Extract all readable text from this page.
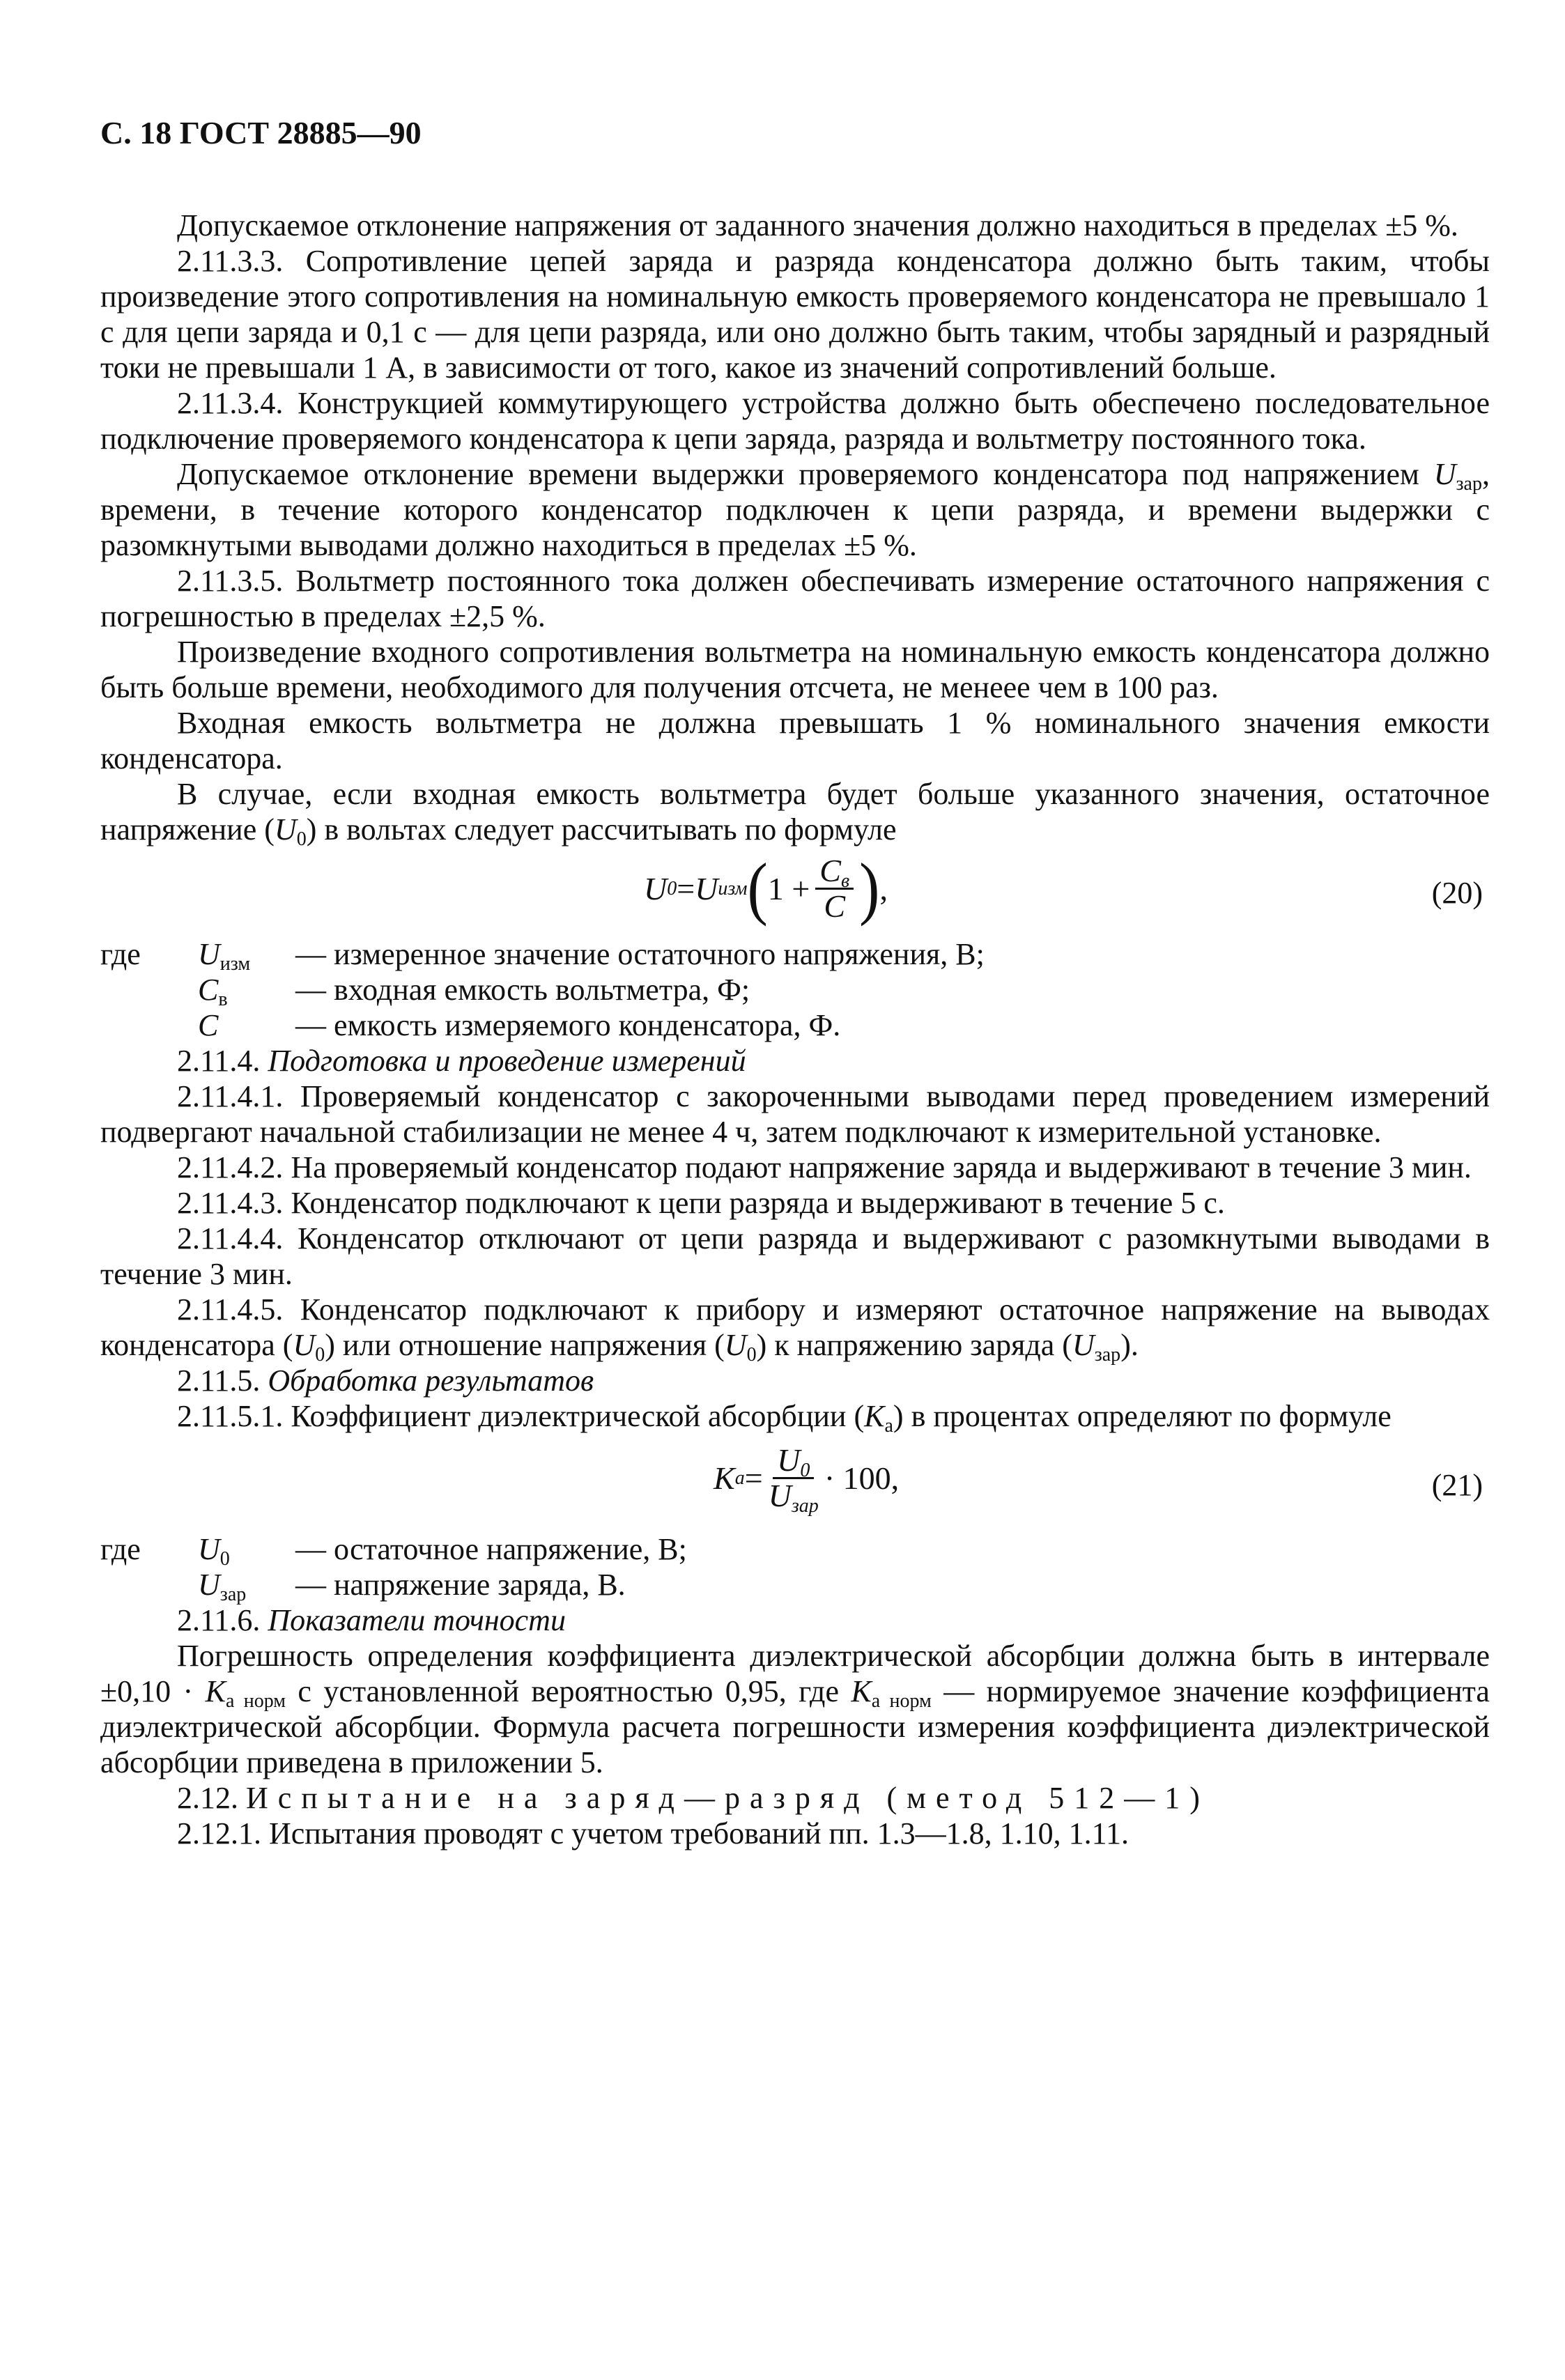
С. 18 ГОСТ 28885—90

Допускаемое отклонение напряжения от заданного значения должно находиться в пределах ±5 %.

2.11.3.3. Сопротивление цепей заряда и разряда конденсатора должно быть таким, чтобы произведение этого сопротивления на номинальную емкость проверяемого конденсатора не превышало 1 с для цепи заряда и 0,1 с — для цепи разряда, или оно должно быть таким, чтобы зарядный и разрядный токи не превышали 1 А, в зависимости от того, какое из значений сопротивлений больше.

2.11.3.4. Конструкцией коммутирующего устройства должно быть обеспечено последовательное подключение проверяемого конденсатора к цепи заряда, разряда и вольтметру постоянного тока.

Допускаемое отклонение времени выдержки проверяемого конденсатора под напряжением $U_{зар}$, времени, в течение которого конденсатор подключен к цепи разряда, и времени выдержки с разомкнутыми выводами должно находиться в пределах ±5 %.

2.11.3.5. Вольтметр постоянного тока должен обеспечивать измерение остаточного напряжения с погрешностью в пределах ±2,5 %.

Произведение входного сопротивления вольтметра на номинальную емкость конденсатора должно быть больше времени, необходимого для получения отсчета, не менеее чем в 100 раз.

Входная емкость вольтметра не должна превышать 1 % номинального значения емкости конденсатора.

В случае, если входная емкость вольтметра будет больше указанного значения, остаточное напряжение $(U_0)$ в вольтах следует рассчитывать по формуле

U 0 = U изм ( $1 + \frac{C_в}{C}$ ) ,	(20)
где	$U_{изм}$	— измеренное значение остаточного напряжения, В;
$C_в$	— входная емкость вольтметра, Ф;
C	— емкость измеряемого конденсатора, Ф.

2.11.4. Подготовка и проведение измерений

2.11.4.1. Проверяемый конденсатор с закороченными выводами перед проведением измерений подвергают начальной стабилизации не менее 4 ч, затем подключают к измерительной установке.

2.11.4.2. На проверяемый конденсатор подают напряжение заряда и выдерживают в течение 3 мин.

2.11.4.3. Конденсатор подключают к цепи разряда и выдерживают в течение 5 с.

2.11.4.4. Конденсатор отключают от цепи разряда и выдерживают с разомкнутыми выводами в течение 3 мин.

2.11.4.5. Конденсатор подключают к прибору и измеряют остаточное напряжение на выводах конденсатора $(U_0)$ или отношение напряжения $(U_0)$ к напряжению заряда $(U_{зар})$.

2.11.5. Обработка результатов

2.11.5.1. Коэффициент диэлектрической абсорбции $(K_а)$ в процентах определяют по формуле

K $а = \frac{U_0}{U_{зар}} \cdot 100$,	(21)
где	$U_0$	— остаточное напряжение, В;
$U_{зар}$	— напряжение заряда, В.

2.11.6. Показатели точности

Погрешность определения коэффициента диэлектрической абсорбции должна быть в интервале $\pm 0,10 \cdot K_{а норм}$ с установленной вероятностью 0,95, где $K_{а норм}$ — нормируемое значение коэффициента диэлектрической абсорбции. Формула расчета погрешности измерения коэффициента диэлектрической абсорбции приведена в приложении 5.

2.12. Испытание на заряд—разряд (метод 512—1)

2.12.1. Испытания проводят с учетом требований пп. 1.3—1.8, 1.10, 1.11.
